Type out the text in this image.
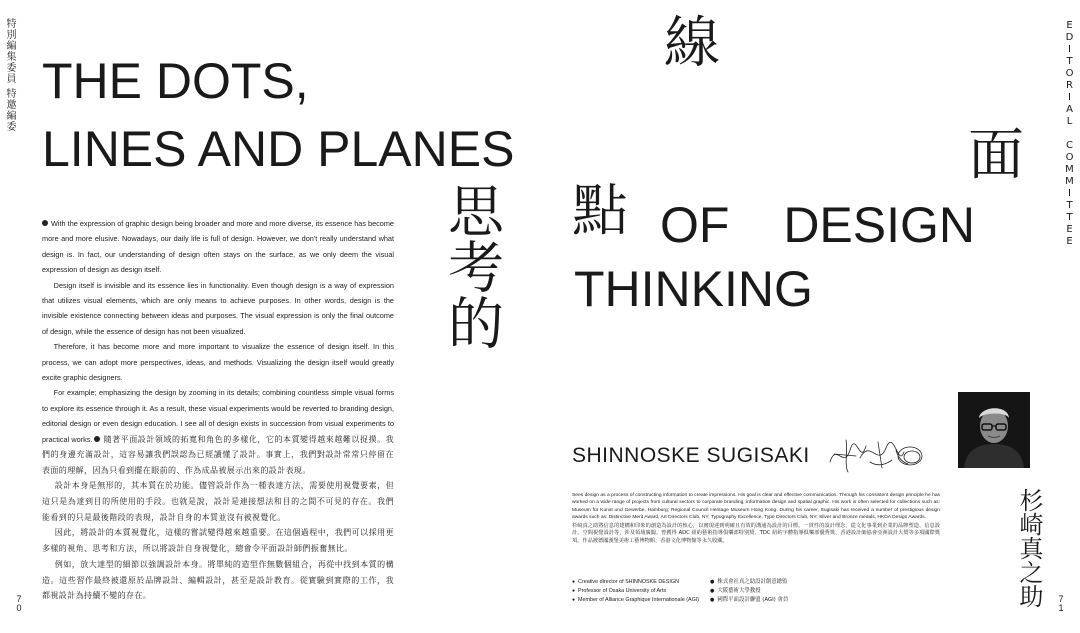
特別編集委員 特邀編委	EDITORIAL COMMITTEE
THE DOTS,
LINES AND PLANES
線
面
點
思考的	OF DESIGN
THINKING

With the expression of graphic design being broader and more and more diverse, its essence has become more and more elusive. Nowadays, our daily life is full of design. However, we don't really understand what design is. In fact, our understanding of design often stays on the surface, as we only deem the visual expression of design as design itself.

Design itself is invisible and its essence lies in functionality. Even though design is a way of expression that utilizes visual elements, which are only means to achieve purposes. In other words, design is the invisible existence connecting between ideas and purposes. The visual expression is only the final outcome of design, while the essence of design has not been visualized.

Therefore, it has become more and more important to visualize the essence of design itself. In this process, we can adopt more perspectives, ideas, and methods. Visualizing the design itself would greatly excite graphic designers.

For example; emphasizing the design by zooming in its details; combining countless simple visual forms to explore its essence through it. As a result, these visual experiments would be reverted to branding design, editorial design or even design education. I see all of design exists in succession from visual experiments to practical works. 隨著平面設計領域的拓寬和角色的多樣化，它的本質變得越來越難以捉摸。我們的身邊充滿設計，這容易讓我們誤認為已經讀懂了設計。事實上，我們對設計常常只停留在表面的理解，因為只看到擺在眼前的、作為成品被展示出來的設計表現。

設計本身是無形的，其本質在於功能。儘管設計作為一種表達方法，需要使用視覺要素，但這只是為達到目的所使用的手段。也就是說，設計是連接想法和目的之間不可見的存在。我們能看到的只是最後階段的表現，設計自身的本質並沒有被視覺化。

因此，將設計的本質視覺化，這樣的嘗試變得越來越重要。在這個過程中，我們可以採用更多樣的視角、思考和方法，所以將設計自身視覺化，總會令平面設計師們振奮無比。

例如，放大達型的細節以強調設計本身。將單純的造型作無數個組合，再從中找到本質的構造。這些習作最終被還原於品牌設計、編輯設計，甚至是設計教育。從實驗到實際的工作，我都視設計為持續不變的存在。

7
0
7
1
SHINNOSKE SUGISAKI
杉崎真之助

Sees design as a process of constructing information to create impressions. His goal is clear and effective communication. Through his consistent design principle he has worked on a wide range of projects from cultural sectors to corporate branding, information design and spatial graphic. His work is often selected for collections such as: Museum für Kunst und Gewerbe, Hamburg; Regional Council Heritage Museum Hong Kong. During his career, Sugisaki has received a number of prestigious design awards such as: Distinctive Merit Award, Art Directors Club, NY; Typography Excellence, Type Directors Club, NY; Silver and Bronze medals, HKDA Design Awards.

杉崎真之助將信息的建構和印象的創造為設計的核心，以實現達到明確且有效的溝通為設計的目標。一貫性的設計理念，從文化事業到企業的品牌塑造、信息設計，空間視覺設計等，涉及領域廣闊。曾獲得 ADC 紐約藝術指導俱樂部特別獎、TDC 紐約字體指導俱樂部優秀獎、香港設計師協會亞洲設計大獎等多項國際獎項。作品被德國漢堡美術工藝博物館、香港文化博物館等永久收藏。

● Creative director of SHINNOSKE DESIGN
● Professor of Osaka University of Arts
● Member of Alliance Graphique Internationale (AGI)
● 株式會社真之助設計創意總監
● 大阪藝術大學教授
● 國際平面設計聯盟 (AGI) 會員
